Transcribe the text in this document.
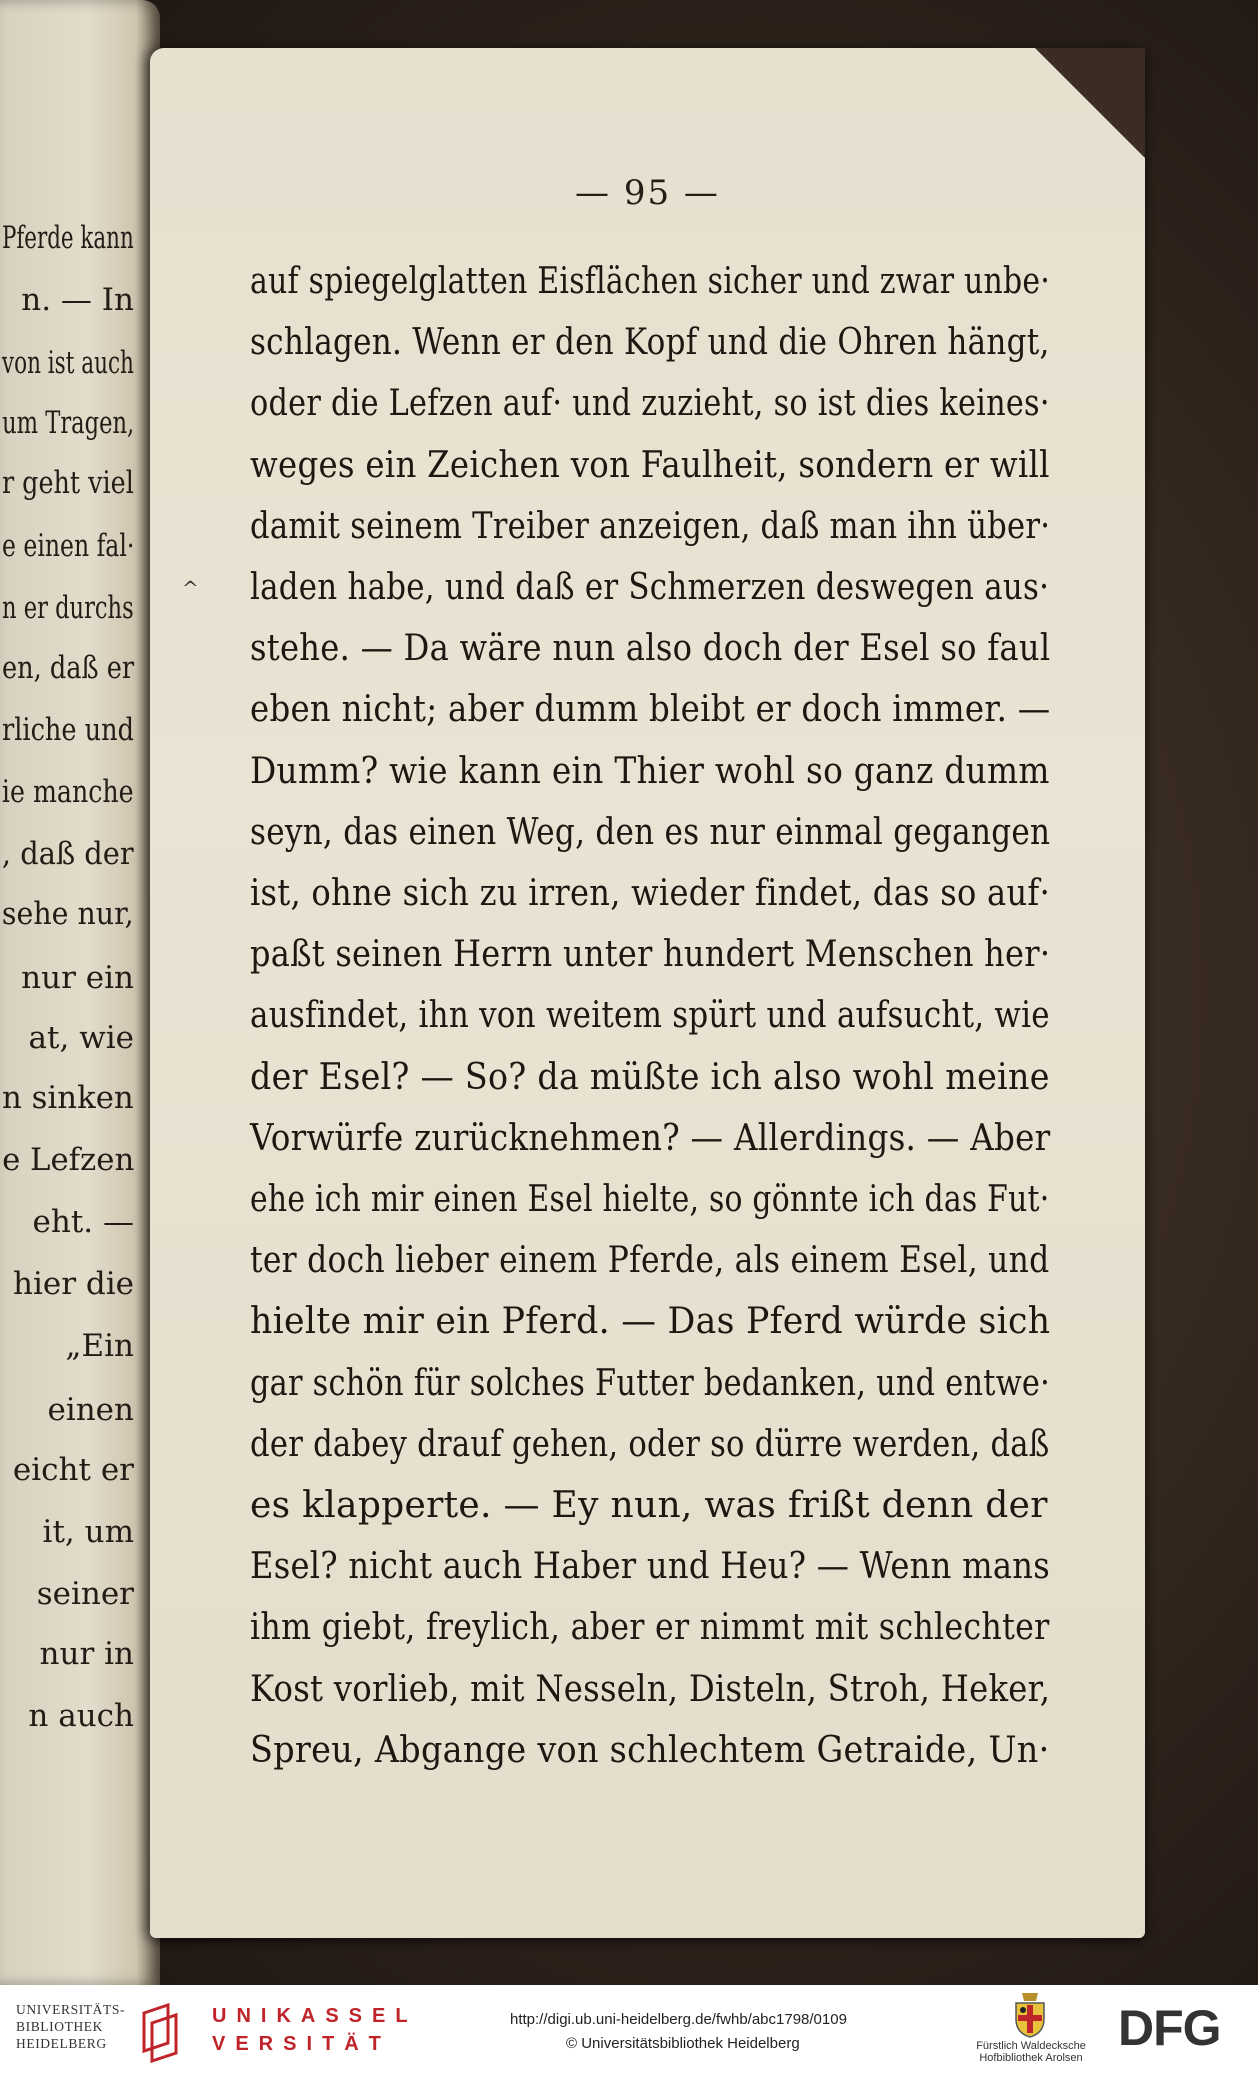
Pferde kann
n. — In
von ist auch
um Tragen,
r geht viel
e einen fal·
n er durchs
en, daß er
rliche und
ie manche
, daß der
sehe nur,
nur ein
at, wie
n sinken
e Lefzen
eht. —
hier die
„Ein
einen
eicht er
it, um
seiner
nur in
n auch
— 95 —
^
auf spiegelglatten Eisflächen sicher und zwar unbe·
schlagen. Wenn er den Kopf und die Ohren hängt,
oder die Lefzen auf· und zuzieht, so ist dies keines·
weges ein Zeichen von Faulheit, sondern er will
damit seinem Treiber anzeigen, daß man ihn über·
laden habe, und daß er Schmerzen deswegen aus·
stehe. — Da wäre nun also doch der Esel so faul
eben nicht; aber dumm bleibt er doch immer. —
Dumm? wie kann ein Thier wohl so ganz dumm
seyn, das einen Weg, den es nur einmal gegangen
ist, ohne sich zu irren, wieder findet, das so auf·
paßt seinen Herrn unter hundert Menschen her·
ausfindet, ihn von weitem spürt und aufsucht, wie
der Esel? — So? da müßte ich also wohl meine
Vorwürfe zurücknehmen? — Allerdings. — Aber
ehe ich mir einen Esel hielte, so gönnte ich das Fut·
ter doch lieber einem Pferde, als einem Esel, und
hielte mir ein Pferd. — Das Pferd würde sich
gar schön für solches Futter bedanken, und entwe·
der dabey drauf gehen, oder so dürre werden, daß
es klapperte. — Ey nun, was frißt denn der
Esel? nicht auch Haber und Heu? — Wenn mans
ihm giebt, freylich, aber er nimmt mit schlechter
Kost vorlieb, mit Nesseln, Disteln, Stroh, Heker,
Spreu, Abgange von schlechtem Getraide, Un·
UNIVERSITÄTS-
BIBLIOTHEK
HEIDELBERG
UNIKASSEL
VERSITÄT
http://digi.ub.uni-heidelberg.de/fwhb/abc1798/0109
© Universitätsbibliothek Heidelberg	Fürstlich Waldecksche
Hofbibliothek Arolsen
DFG
